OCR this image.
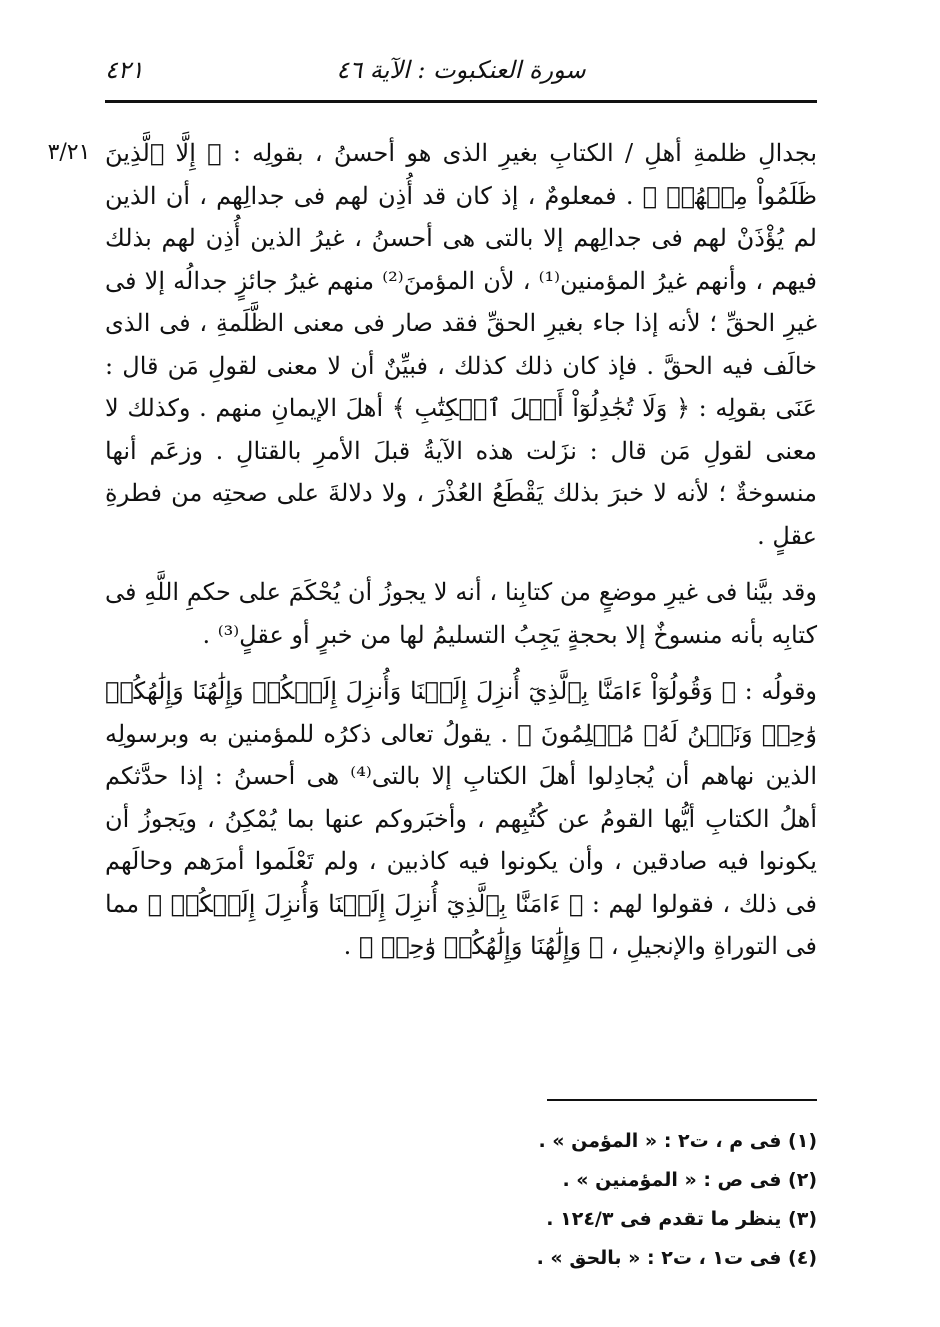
سورة العنكبوت : الآية ٤٦
٤٢١
٣/٢١ بجدالِ ظلمةِ أهلِ / الكتابِ بغيرِ الذى هو أحسنُ ، بقولِه : ﴿ إِلَّا ٱلَّذِينَ ظَلَمُواْ مِنۡهُمۡ ﴾ . فمعلومٌ ، إذ كان قد أُذِن لهم فى جدالِهم ، أن الذين لم يُؤْذَنْ لهم فى جدالِهم إلا بالتى هى أحسنُ ، غيرُ الذين أُذِن لهم بذلك فيهم ، وأنهم غيرُ المؤمنين⁽¹⁾ ، لأن المؤمنَ⁽²⁾ منهم غيرُ جائزٍ جدالُه إلا فى غيرِ الحقِّ ؛ لأنه إذا جاء بغيرِ الحقِّ فقد صار فى معنى الظَّلَمةِ ، فى الذى خالَف فيه الحقَّ . فإذ كان ذلك كذلك ، فبيِّنٌ أن لا معنى لقولِ مَن قال : عَنَى بقولِه : ﴿ وَلَا تُجَٰدِلُوٓاْ أَهۡلَ ٱلۡكِتَٰبِ ﴾ أهلَ الإيمانِ منهم . وكذلك لا معنى لقولِ مَن قال : نزَلت هذه الآيةُ قبلَ الأمرِ بالقتالِ . وزعَم أنها منسوخةٌ ؛ لأنه لا خبرَ بذلك يَقْطَعُ العُذْرَ ، ولا دلالةَ على صحتِه من فطرةِ عقلٍ .

وقد بيَّنا فى غيرِ موضعٍ من كتابِنا ، أنه لا يجوزُ أن يُحْكَمَ على حكمِ اللَّهِ فى كتابِه بأنه منسوخٌ إلا بحجةٍ يَجِبُ التسليمُ لها من خبرٍ أو عقلٍ⁽³⁾ .

وقولُه : ﴿ وَقُولُوٓاْ ءَامَنَّا بِٱلَّذِيٓ أُنزِلَ إِلَيۡنَا وَأُنزِلَ إِلَيۡكُمۡ وَإِلَٰهُنَا وَإِلَٰهُكُمۡ وَٰحِدٞ وَنَحۡنُ لَهُۥ مُسۡلِمُونَ ﴾ . يقولُ تعالى ذكرُه للمؤمنين به وبرسولِه الذين نهاهم أن يُجادِلوا أهلَ الكتابِ إلا بالتى⁽⁴⁾ هى أحسنُ : إذا حدَّثكم أهلُ الكتابِ أيُّها القومُ عن كُتُبِهم ، وأخبَروكم عنها بما يُمْكِنُ ، ويَجوزُ أن يكونوا فيه صادقين ، وأن يكونوا فيه كاذبين ، ولم تَعْلَموا أمرَهم وحالَهم فى ذلك ، فقولوا لهم : ﴿ ءَامَنَّا بِٱلَّذِيٓ أُنزِلَ إِلَيۡنَا وَأُنزِلَ إِلَيۡكُمۡ ﴾ مما فى التوراةِ والإنجيلِ ، ﴿ وَإِلَٰهُنَا وَإِلَٰهُكُمۡ وَٰحِدٞ ﴾ .

(١) فى م ، ت٢ : « المؤمن » .
(٢) فى ص : « المؤمنين » .
(٣) ينظر ما تقدم فى ١٢٤/٣ .
(٤) فى ت١ ، ت٢ : « بالحق » .
